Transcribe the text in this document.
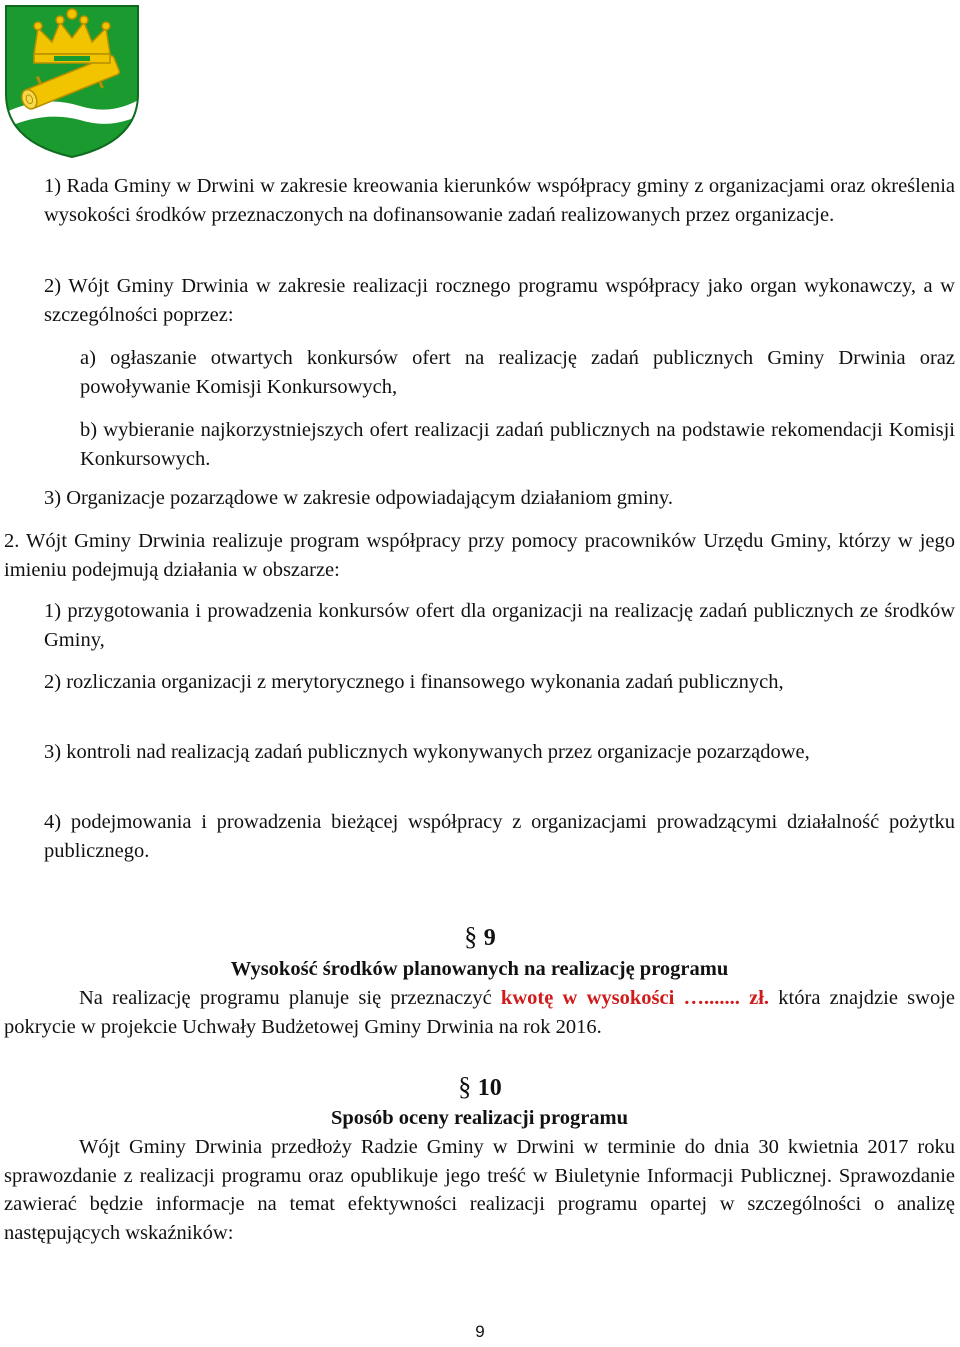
1) Rada Gminy w Drwini w zakresie kreowania kierunków współpracy gminy z organizacjami oraz określenia wysokości środków przeznaczonych na dofinansowanie zadań realizowanych przez organizacje.
2) Wójt Gminy Drwinia w zakresie realizacji rocznego programu współpracy jako organ wykonawczy, a w szczególności poprzez:
a) ogłaszanie otwartych konkursów ofert na realizację zadań publicznych Gminy Drwinia oraz powoływanie Komisji Konkursowych,
b) wybieranie najkorzystniejszych ofert realizacji zadań publicznych na podstawie rekomendacji Komisji Konkursowych.
3) Organizacje pozarządowe w zakresie odpowiadającym działaniom gminy.
2. Wójt Gminy Drwinia realizuje program współpracy przy pomocy pracowników Urzędu Gminy, którzy w jego imieniu podejmują działania w obszarze:
1) przygotowania i prowadzenia konkursów ofert dla organizacji na realizację zadań publicznych ze środków Gminy,
2) rozliczania organizacji z merytorycznego i finansowego wykonania zadań publicznych,
3) kontroli nad realizacją zadań publicznych wykonywanych przez organizacje pozarządowe,
4) podejmowania i prowadzenia bieżącej współpracy z organizacjami prowadzącymi działalność pożytku publicznego.
§ 9
Wysokość środków planowanych na realizację programu
Na realizację programu planuje się przeznaczyć kwotę w wysokości …....... zł. która znajdzie swoje pokrycie w projekcie Uchwały Budżetowej Gminy Drwinia na rok 2016.
§ 10
Sposób oceny realizacji programu
Wójt Gminy Drwinia przedłoży Radzie Gminy w Drwini w terminie do dnia 30 kwietnia 2017 roku sprawozdanie z realizacji programu oraz opublikuje jego treść w Biuletynie Informacji Publicznej. Sprawozdanie zawierać będzie informacje na temat efektywności realizacji programu opartej w szczególności o analizę następujących wskaźników:
9
